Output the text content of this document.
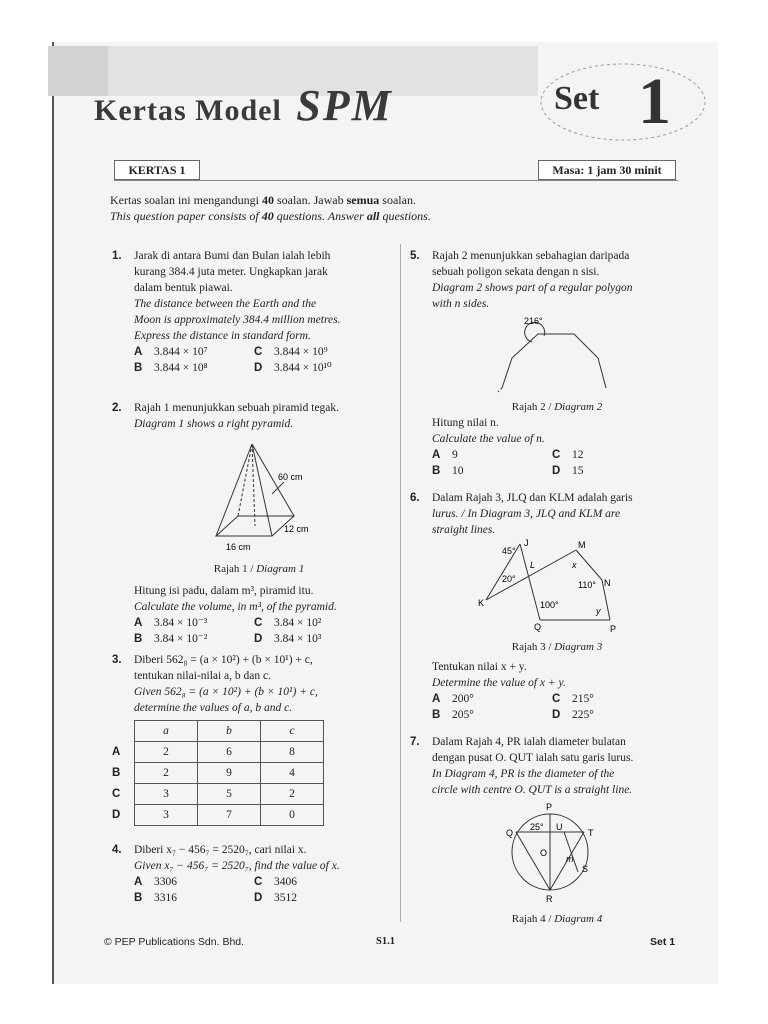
Kertas Model SPM	Set 1
KERTAS 1	Masa: 1 jam 30 minit
Kertas soalan ini mengandungi 40 soalan. Jawab semua soalan.
This question paper consists of 40 questions. Answer all questions.
1. Jarak di antara Bumi dan Bulan ialah lebih
kurang 384.4 juta meter. Ungkapkan jarak
dalam bentuk piawai.
The distance between the Earth and the
Moon is approximately 384.4 million metres.
Express the distance in standard form.
A 3.844 × 10⁷	C 3.844 × 10⁹
B 3.844 × 10⁸	D 3.844 × 10¹⁰
2. Rajah 1 menunjukkan sebuah piramid tegak.
Diagram 1 shows a right pyramid.
60 cm
12 cm
16 cm
Rajah 1 / Diagram 1
Hitung isi padu, dalam m³, piramid itu.
Calculate the volume, in m³, of the pyramid.
A 3.84 × 10⁻³	C 3.84 × 10²
B 3.84 × 10⁻²	D 3.84 × 10³
3. Diberi 562₈ = (a × 10²) + (b × 10¹) + c,
tentukan nilai-nilai a, b dan c.
Given 562₈ = (a × 10²) + (b × 10¹) + c,
determine the values of a, b and c.
	a	b	c
A	2	6	8
B	2	9	4
C	3	5	2
D	3	7	0
4. Diberi x₇ − 456₇ = 2520₇, cari nilai x.
Given x₇ − 456₇ = 2520₇, find the value of x.
A 3306	C 3406
B 3316	D 3512
5. Rajah 2 menunjukkan sebahagian daripada
sebuah poligon sekata dengan n sisi.
Diagram 2 shows part of a regular polygon
with n sides.
216°
Rajah 2 / Diagram 2
Hitung nilai n.
Calculate the value of n.
A 9	C 12
B 10	D 15
6. Dalam Rajah 3, JLQ dan KLM adalah garis
lurus. / In Diagram 3, JLQ and KLM are
straight lines.
J
45°
M
L	x
20°
110° N
K	100°
y
Q	P
Rajah 3 / Diagram 3
Tentukan nilai x + y.
Determine the value of x + y.
A 200°	C 215°
B 205°	D 225°
7. Dalam Rajah 4, PR ialah diameter bulatan
dengan pusat O. QUT ialah satu garis lurus.
In Diagram 4, PR is the diameter of the
circle with centre O. QUT is a straight line.
P
Q
25° U
T
O
m
S
R
Rajah 4 / Diagram 4
© PEP Publications Sdn. Bhd.	S1.1	Set 1
